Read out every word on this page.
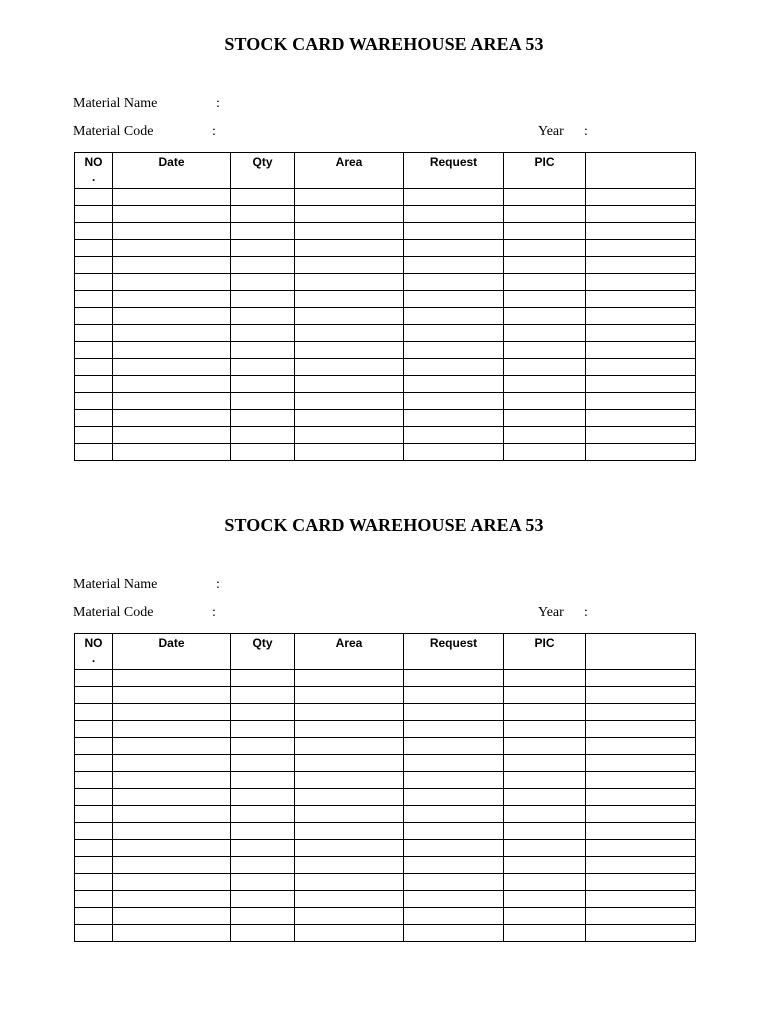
STOCK CARD WAREHOUSE AREA 53
Material Name	:
Material Code	:	Year :
NO
.	Date	Qty	Area	Request	PIC	

STOCK CARD WAREHOUSE AREA 53
Material Name	:
Material Code	:	Year :
NO
.	Date	Qty	Area	Request	PIC	
